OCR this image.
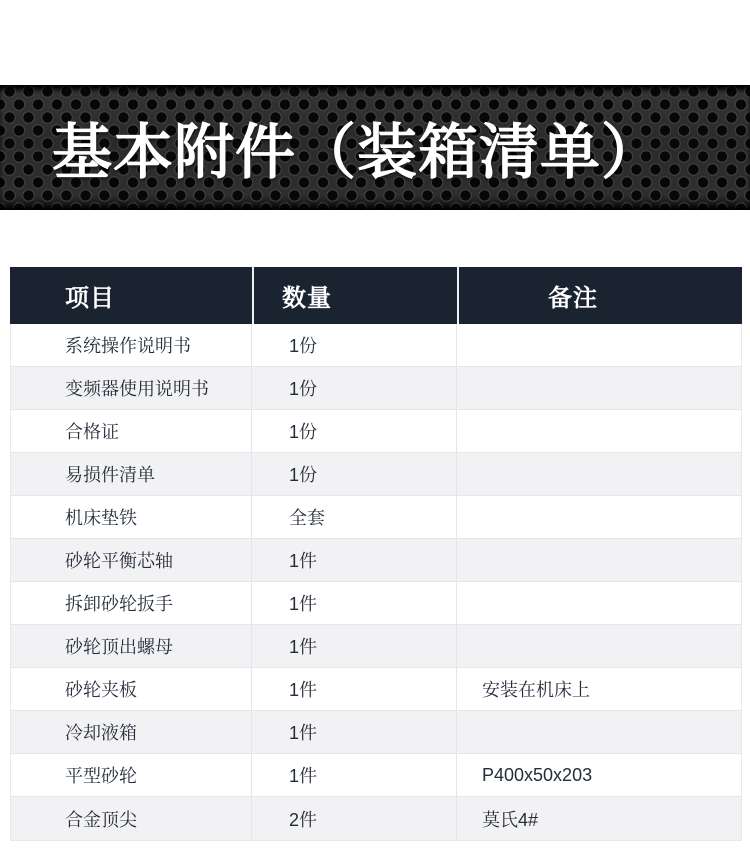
基本附件（装箱清单）
项目	数量	备注
系统操作说明书	1份
变频器使用说明书	1份
合格证	1份
易损件清单	1份
机床垫铁	全套
砂轮平衡芯轴	1件
拆卸砂轮扳手	1件
砂轮顶出螺母	1件
砂轮夹板	1件	安装在机床上
冷却液箱	1件
平型砂轮	1件	P400x50x203
合金顶尖	2件	莫氏4#
